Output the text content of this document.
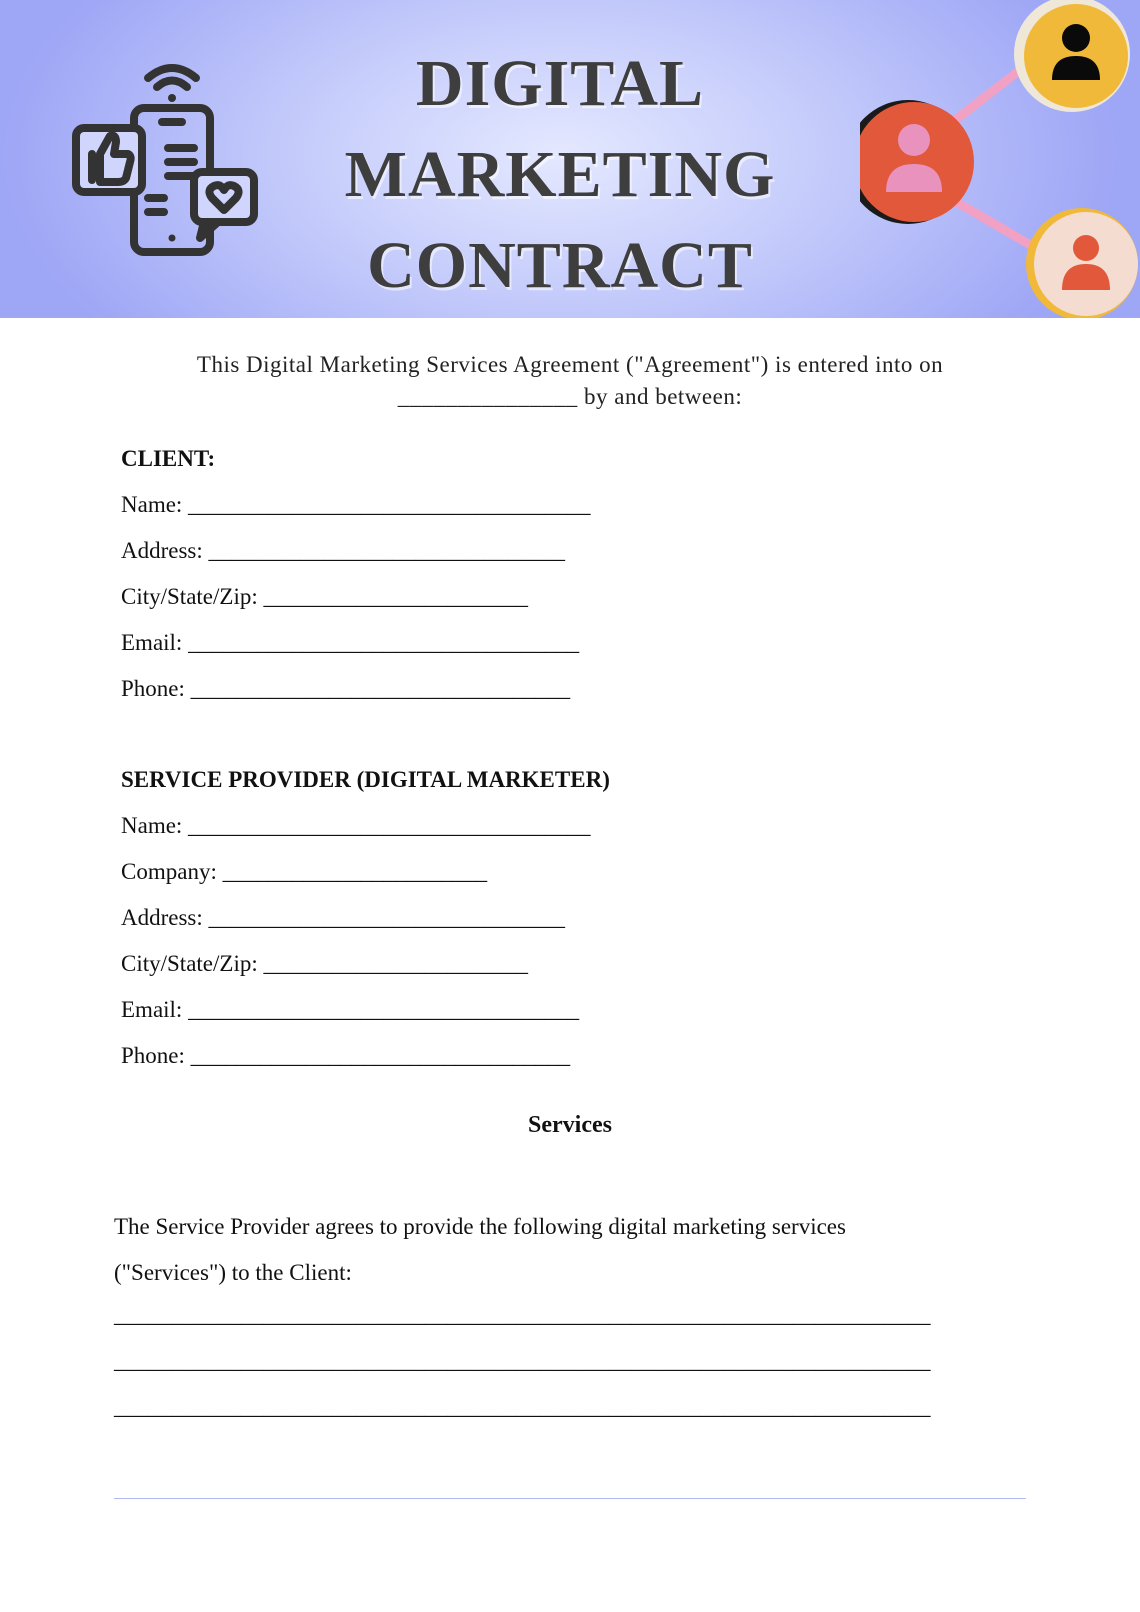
DIGITAL
MARKETING
CONTRACT
This Digital Marketing Services Agreement ("Agreement") is entered into on
_______________ by and between:
CLIENT:
Name: ___________________________________
Address: _______________________________
City/State/Zip: _______________________
Email: __________________________________
Phone: _________________________________
SERVICE PROVIDER (DIGITAL MARKETER)
Name: ___________________________________
Company: _______________________
Address: _______________________________
City/State/Zip: _______________________
Email: __________________________________
Phone: _________________________________
Services
The Service Provider agrees to provide the following digital marketing services
("Services") to the Client:
_______________________________________________________________________
_______________________________________________________________________
_______________________________________________________________________
